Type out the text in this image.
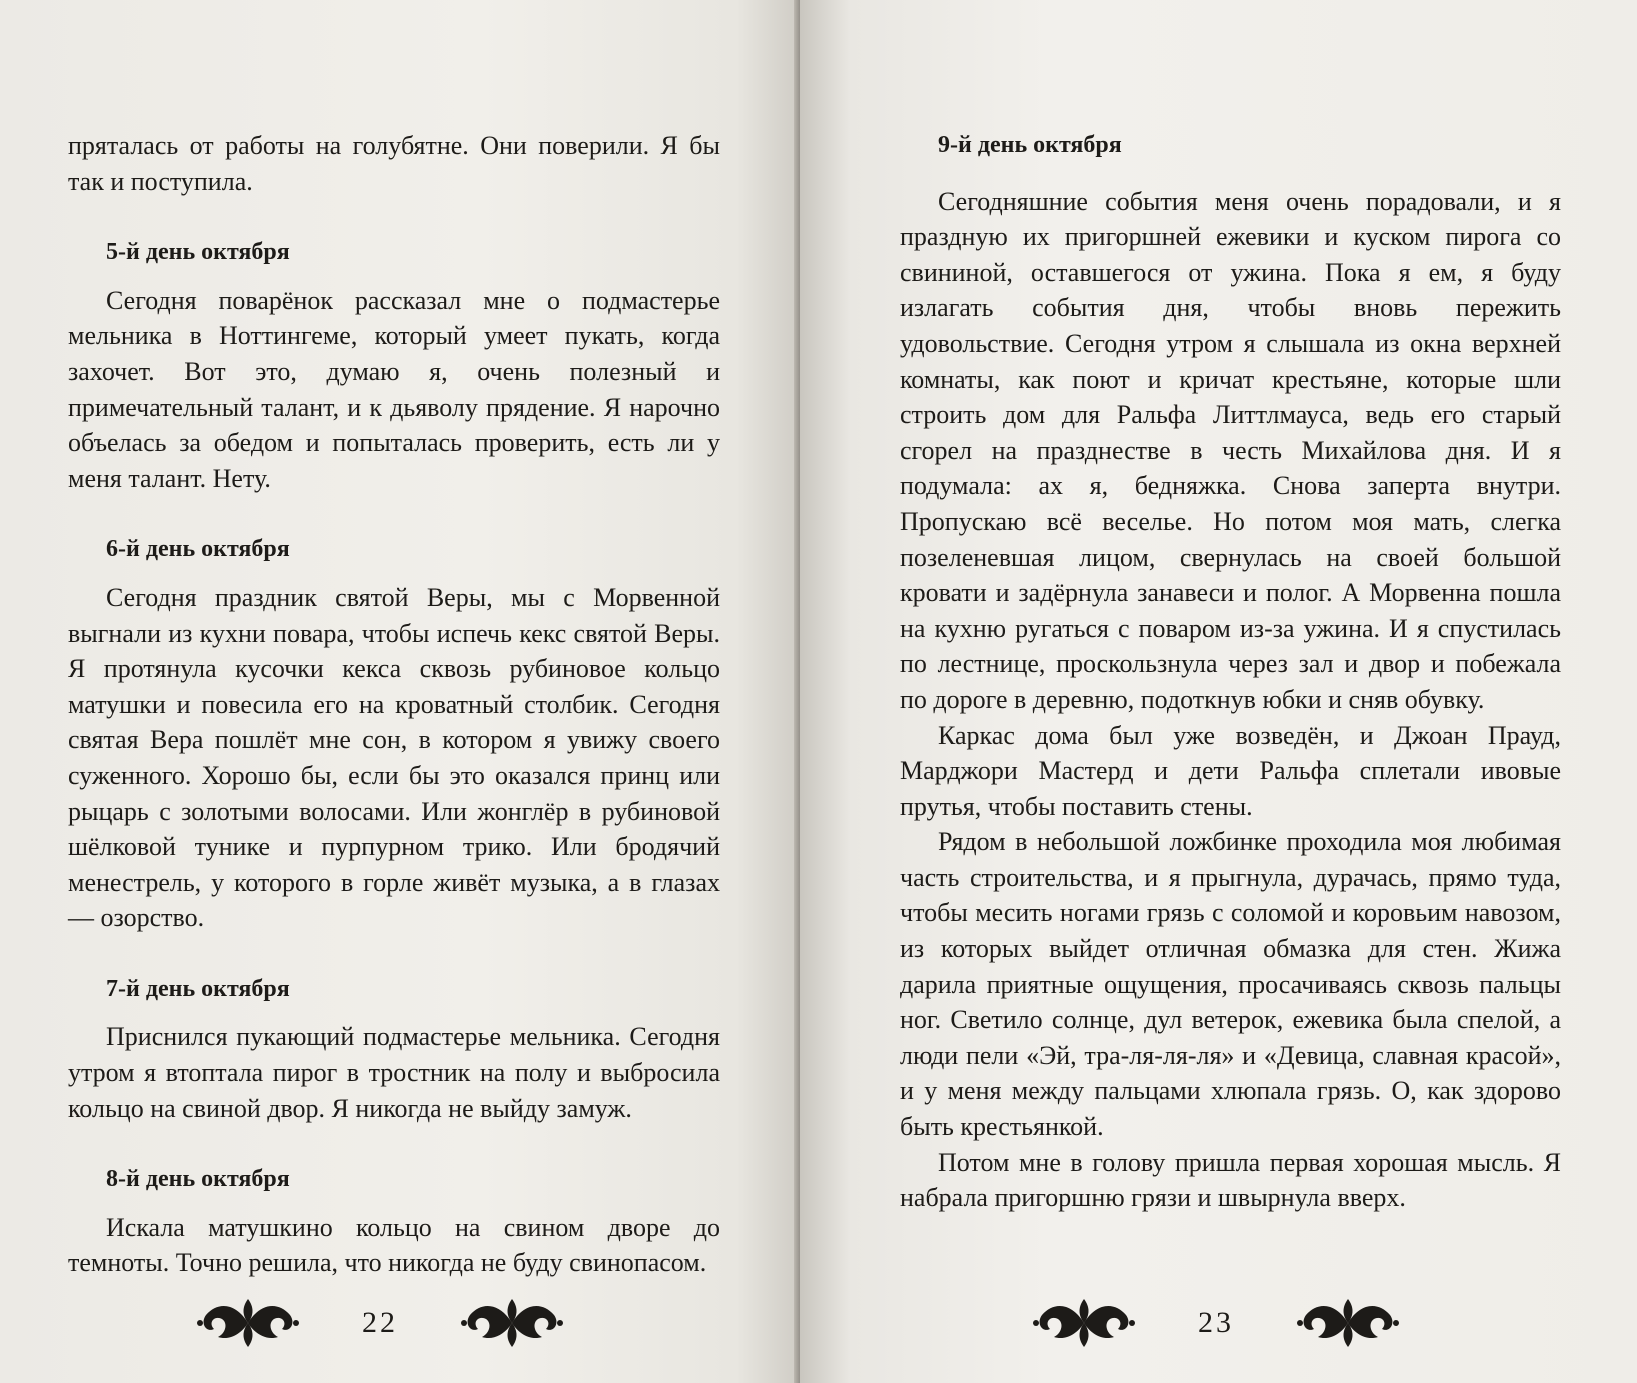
пряталась от работы на голубятне. Они поверили. Я бы так и поступила.

5-й день октября

Сегодня поварёнок рассказал мне о подмастерье мельника в Ноттингеме, который умеет пукать, когда захочет. Вот это, думаю я, очень полезный и примечательный талант, и к дьяволу прядение. Я нарочно объелась за обедом и попыталась проверить, есть ли у меня талант. Нету.

6-й день октября

Сегодня праздник святой Веры, мы с Морвенной выгнали из кухни повара, чтобы испечь кекс святой Веры. Я протянула кусочки кекса сквозь рубиновое кольцо матушки и повесила его на кроватный столбик. Сегодня святая Вера пошлёт мне сон, в котором я увижу своего суженного. Хорошо бы, если бы это оказался принц или рыцарь с золотыми волосами. Или жонглёр в рубиновой шёлковой тунике и пурпурном трико. Или бродячий менестрель, у которого в горле живёт музыка, а в глазах — озорство.

7-й день октября

Приснился пукающий подмастерье мельника. Сегодня утром я втоптала пирог в тростник на полу и выбросила кольцо на свиной двор. Я никогда не выйду замуж.

8-й день октября

Искала матушкино кольцо на свином дворе до темноты. Точно решила, что никогда не буду свинопасом.

9-й день октября

Сегодняшние события меня очень порадовали, и я праздную их пригоршней ежевики и куском пирога со свининой, оставшегося от ужина. Пока я ем, я буду излагать события дня, чтобы вновь пережить удовольствие. Сегодня утром я слышала из окна верхней комнаты, как поют и кричат крестьяне, которые шли строить дом для Ральфа Литтлмауса, ведь его старый сгорел на празднестве в честь Михайлова дня. И я подумала: ах я, бедняжка. Снова заперта внутри. Пропускаю всё веселье. Но потом моя мать, слегка позеленевшая лицом, свернулась на своей большой кровати и задёрнула занавеси и полог. А Морвенна пошла на кухню ругаться с поваром из-за ужина. И я спустилась по лестнице, проскользнула через зал и двор и побежала по дороге в деревню, подоткнув юбки и сняв обувку.

Каркас дома был уже возведён, и Джоан Прауд, Марджори Мастерд и дети Ральфа сплетали ивовые прутья, чтобы поставить стены.

Рядом в небольшой ложбинке проходила моя любимая часть строительства, и я прыгнула, дурачась, прямо туда, чтобы месить ногами грязь с соломой и коровьим навозом, из которых выйдет отличная обмазка для стен. Жижа дарила приятные ощущения, просачиваясь сквозь пальцы ног. Светило солнце, дул ветерок, ежевика была спелой, а люди пели «Эй, тра-ля-ля-ля» и «Девица, славная красой», и у меня между пальцами хлюпала грязь. О, как здорово быть крестьянкой.

Потом мне в голову пришла первая хорошая мысль. Я набрала пригоршню грязи и швырнула вверх.

22	23
